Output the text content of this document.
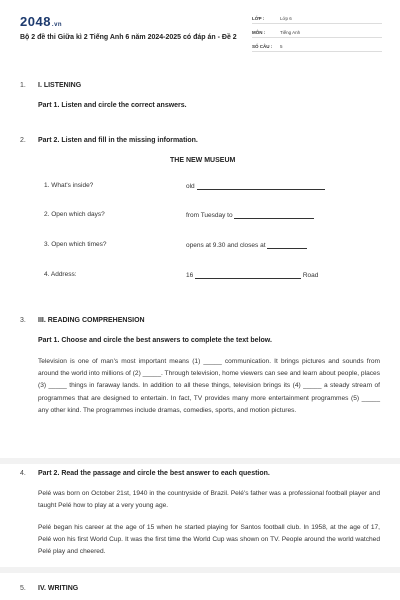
2048.vn
Bộ 2 đề thi Giữa kì 2 Tiếng Anh 6 năm 2024-2025 có đáp án - Đề 2
LỚP :	Lớp 6
MÔN :	Tiếng Anh
SỐ CÂU :	5
1. I. LISTENING
Part 1. Listen and circle the correct answers.
2. Part 2. Listen and fill in the missing information.
THE NEW MUSEUM
1. What's inside?	old
2. Open which days?	from Tuesday to
3. Open which times?	opens at 9.30 and closes at
4. Address:	16	Road
3. III. READING COMPREHENSION
Part 1. Choose and circle the best answers to complete the text below.
Television is one of man's most important means (1) _____ communication. It brings pictures and sounds from around the world into millions of (2) _____. Through television, home viewers can see and learn about people, places (3) _____ things in faraway lands. In addition to all these things, television brings its (4) _____ a steady stream of programmes that are designed to entertain. In fact, TV provides many more entertainment programmes (5) _____ any other kind. The programmes include dramas, comedies, sports, and motion pictures.
4. Part 2. Read the passage and circle the best answer to each question.
Pelé was born on October 21st, 1940 in the countryside of Brazil. Pelé's father was a professional football player and taught Pelé how to play at a very young age.
Pelé began his career at the age of 15 when he started playing for Santos football club. In 1958, at the age of 17, Pelé won his first World Cup. It was the first time the World Cup was shown on TV. People around the world watched Pelé play and cheered.
5. IV. WRITING
